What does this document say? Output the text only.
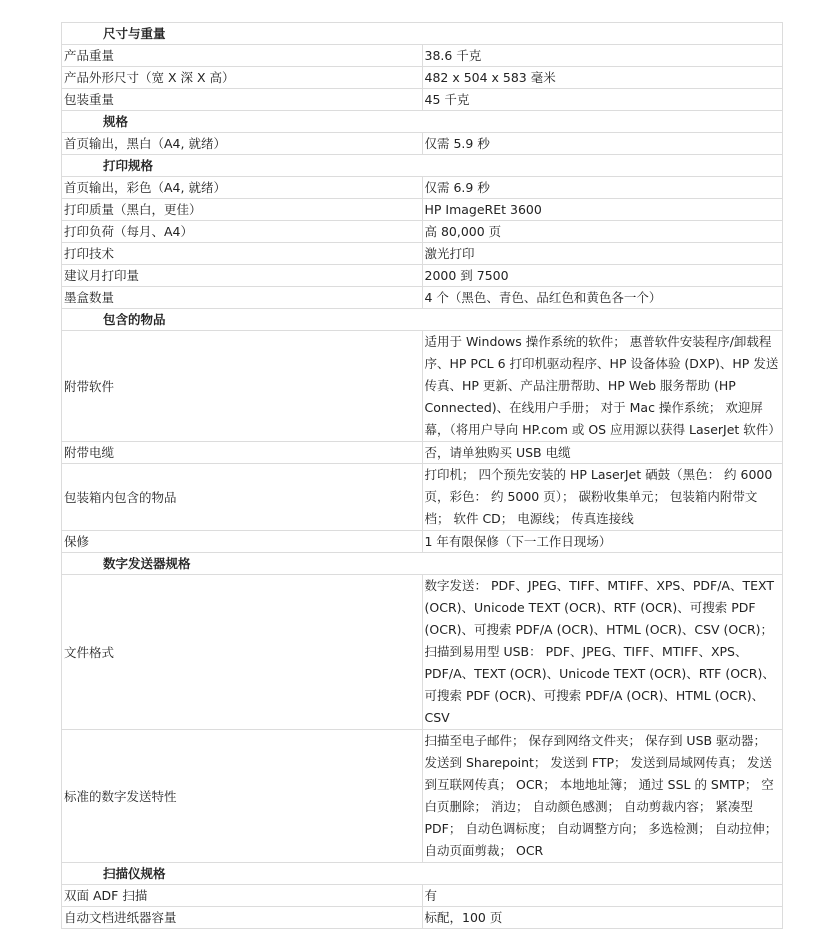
尺寸与重量	
产品重量	38.6 千克
产品外形尺寸（宽 X 深 X 高）	482 x 504 x 583 毫米
包装重量	45 千克
规格	
首页输出，黑白（A4, 就绪）	仅需 5.9 秒
打印规格	
首页输出，彩色（A4, 就绪）	仅需 6.9 秒
打印质量（黑白，更佳）	HP ImageREt 3600
打印负荷（每月、A4）	高 80,000 页
打印技术	激光打印
建议月打印量	2000 到 7500
墨盒数量	4 个（黑色、青色、品红色和黄色各一个）
包含的物品	
附带软件	适用于 Windows 操作系统的软件； 惠普软件安装程序/卸载程序、HP PCL 6 打印机驱动程序、HP 设备体验 (DXP)、HP 发送传真、HP 更新、产品注册帮助、HP Web 服务帮助 (HP Connected)、在线用户手册； 对于 Mac 操作系统； 欢迎屏幕，（将用户导向 HP.com 或 OS 应用源以获得 LaserJet 软件）
附带电缆	否，请单独购买 USB 电缆
包装箱内包含的物品	打印机； 四个预先安装的 HP LaserJet 硒鼓（黑色： 约 6000 页，彩色： 约 5000 页）； 碳粉收集单元； 包装箱内附带文档； 软件 CD； 电源线； 传真连接线
保修	1 年有限保修（下一工作日现场）
数字发送器规格	
文件格式	数字发送： PDF、JPEG、TIFF、MTIFF、XPS、PDF/A、TEXT (OCR)、Unicode TEXT (OCR)、RTF (OCR)、可搜索 PDF (OCR)、可搜索 PDF/A (OCR)、HTML (OCR)、CSV (OCR)； 扫描到易用型 USB： PDF、JPEG、TIFF、MTIFF、XPS、PDF/A、TEXT (OCR)、Unicode TEXT (OCR)、RTF (OCR)、可搜索 PDF (OCR)、可搜索 PDF/A (OCR)、HTML (OCR)、CSV
标准的数字发送特性	扫描至电子邮件； 保存到网络文件夹； 保存到 USB 驱动器； 发送到 Sharepoint； 发送到 FTP； 发送到局域网传真； 发送到互联网传真； OCR； 本地地址簿； 通过 SSL 的 SMTP； 空白页删除； 消边； 自动颜色感测； 自动剪裁内容； 紧凑型 PDF； 自动色调标度； 自动调整方向； 多选检测； 自动拉伸； 自动页面剪裁； OCR
扫描仪规格	
双面 ADF 扫描	有
自动文档进纸器容量	标配，100 页
